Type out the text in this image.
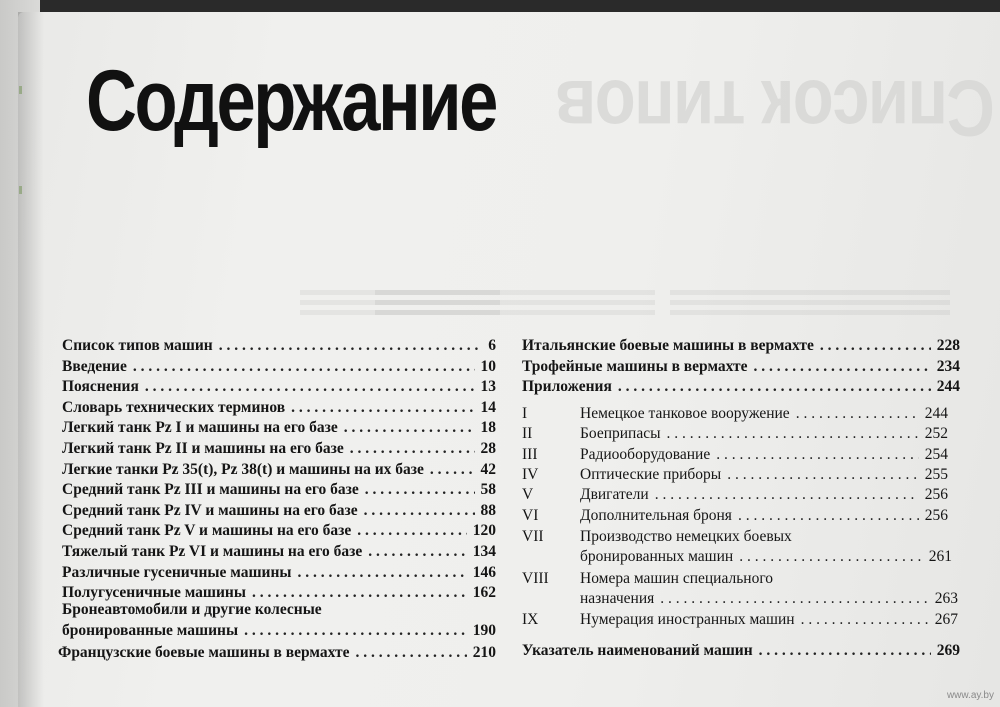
Список типов
Содержание
Список типов машин . . .	6
Введение . . .	10
Пояснения . . .	13
Словарь технических терминов . . .	14
Легкий танк Pz I и машины на его базе . . .	18
Легкий танк Pz II и машины на его базе . . .	28
Легкие танки Pz 35(t), Pz 38(t) и машины на их базе . . .	42
Средний танк Pz III и машины на его базе . . .	58
Средний танк Pz IV и машины на его базе . . .	88
Средний танк Pz V и машины на его базе . . .	120
Тяжелый танк Pz VI и машины на его базе . . .	134
Различные гусеничные машины . . .	146
Полугусеничные машины . . .	162
Бронеавтомобили и другие колесные
бронированные машины . . .	190
Французские боевые машины в вермахте . . .	210
Итальянские боевые машины в вермахте . . .	228
Трофейные машины в вермахте . . .	234
Приложения . . .	244
I	Немецкое танковое вооружение . . .	244
II	Боеприпасы . . .	252
III	Радиооборудование . . .	254
IV	Оптические приборы . . .	255
V	Двигатели . . .	256
VI	Дополнительная броня . . .	256
VII	Производство немецких боевых
бронированных машин . . .	261
VIII	Номера машин специального
назначения . . .	263
IX	Нумерация иностранных машин . . .	267
Указатель наименований машин . . .	269
www.ay.by
